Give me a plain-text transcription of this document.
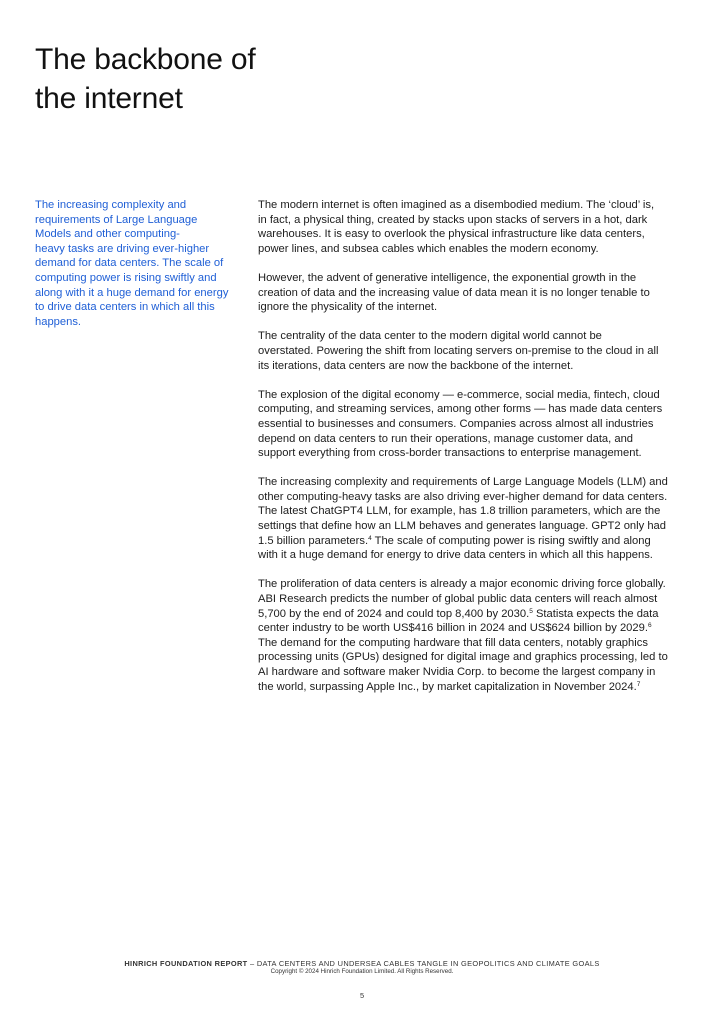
The backbone of
the internet
The increasing complexity and
requirements of Large Language
Models and other computing-
heavy tasks are driving ever-higher
demand for data centers. The scale of
computing power is rising swiftly and
along with it a huge demand for energy
to drive data centers in which all this
happens.

The modern internet is often imagined as a disembodied medium. The ‘cloud’ is,
in fact, a physical thing, created by stacks upon stacks of servers in a hot, dark
warehouses. It is easy to overlook the physical infrastructure like data centers,
power lines, and subsea cables which enables the modern economy.

However, the advent of generative intelligence, the exponential growth in the
creation of data and the increasing value of data mean it is no longer tenable to
ignore the physicality of the internet.

The centrality of the data center to the modern digital world cannot be
overstated. Powering the shift from locating servers on-premise to the cloud in all
its iterations, data centers are now the backbone of the internet.

The explosion of the digital economy — e-commerce, social media, fintech, cloud
computing, and streaming services, among other forms — has made data centers
essential to businesses and consumers. Companies across almost all industries
depend on data centers to run their operations, manage customer data, and
support everything from cross-border transactions to enterprise management.

The increasing complexity and requirements of Large Language Models (LLM) and
other computing-heavy tasks are also driving ever-higher demand for data centers.
The latest ChatGPT4 LLM, for example, has 1.8 trillion parameters, which are the
settings that define how an LLM behaves and generates language. GPT2 only had
1.5 billion parameters.$^4$ The scale of computing power is rising swiftly and along
with it a huge demand for energy to drive data centers in which all this happens.

The proliferation of data centers is already a major economic driving force globally.
ABI Research predicts the number of global public data centers will reach almost
5,700 by the end of 2024 and could top 8,400 by 2030.$^5$ Statista expects the data
center industry to be worth US$416 billion in 2024 and US$624 billion by 2029.$^6$
The demand for the computing hardware that fill data centers, notably graphics
processing units (GPUs) designed for digital image and graphics processing, led to
AI hardware and software maker Nvidia Corp. to become the largest company in
the world, surpassing Apple Inc., by market capitalization in November 2024.$^7$

HINRICH FOUNDATION REPORT – DATA CENTERS AND UNDERSEA CABLES TANGLE IN GEOPOLITICS AND CLIMATE GOALS
Copyright © 2024 Hinrich Foundation Limited. All Rights Reserved.
5
